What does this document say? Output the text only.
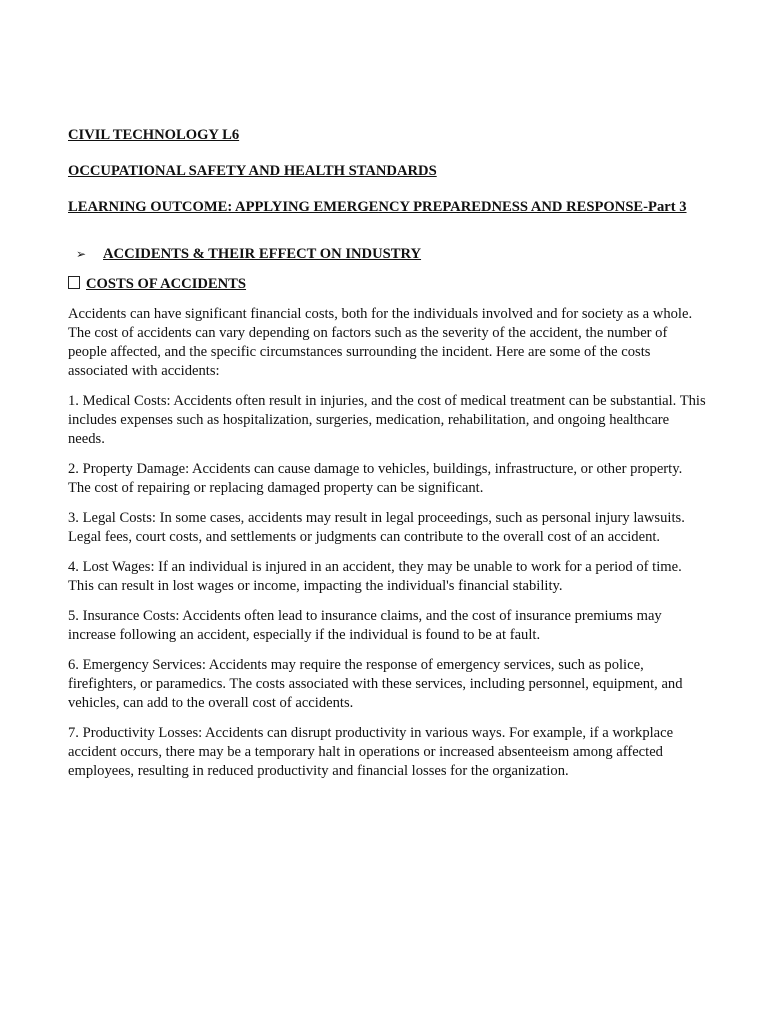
CIVIL TECHNOLOGY L6

OCCUPATIONAL SAFETY AND HEALTH STANDARDS

LEARNING OUTCOME: APPLYING EMERGENCY PREPAREDNESS AND RESPONSE-Part 3

➢	ACCIDENTS & THEIR EFFECT ON INDUSTRY
COSTS OF ACCIDENTS

Accidents can have significant financial costs, both for the individuals involved and for society as a whole. The cost of accidents can vary depending on factors such as the severity of the accident, the number of people affected, and the specific circumstances surrounding the incident. Here are some of the costs associated with accidents:

1. Medical Costs: Accidents often result in injuries, and the cost of medical treatment can be substantial. This includes expenses such as hospitalization, surgeries, medication, rehabilitation, and ongoing healthcare needs.

2. Property Damage: Accidents can cause damage to vehicles, buildings, infrastructure, or other property. The cost of repairing or replacing damaged property can be significant.

3. Legal Costs: In some cases, accidents may result in legal proceedings, such as personal injury lawsuits. Legal fees, court costs, and settlements or judgments can contribute to the overall cost of an accident.

4. Lost Wages: If an individual is injured in an accident, they may be unable to work for a period of time. This can result in lost wages or income, impacting the individual's financial stability.

5. Insurance Costs: Accidents often lead to insurance claims, and the cost of insurance premiums may increase following an accident, especially if the individual is found to be at fault.

6. Emergency Services: Accidents may require the response of emergency services, such as police, firefighters, or paramedics. The costs associated with these services, including personnel, equipment, and vehicles, can add to the overall cost of accidents.

7. Productivity Losses: Accidents can disrupt productivity in various ways. For example, if a workplace accident occurs, there may be a temporary halt in operations or increased absenteeism among affected employees, resulting in reduced productivity and financial losses for the organization.
